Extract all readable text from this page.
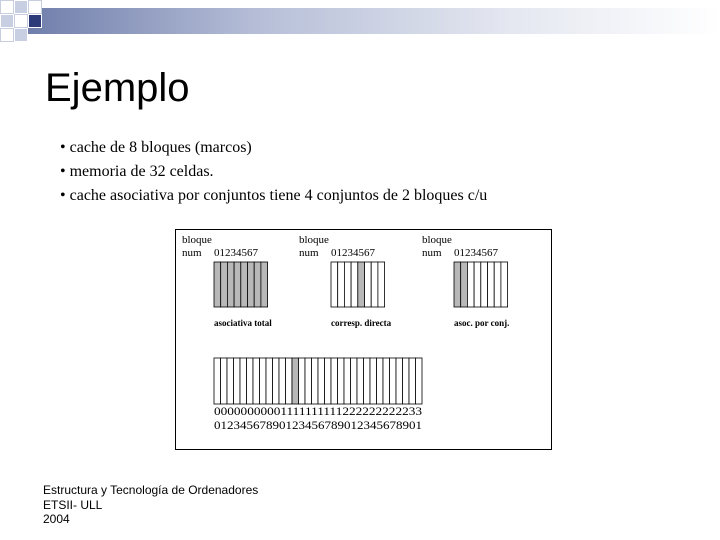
Ejemplo
• cache de 8 bloques (marcos)
• memoria de 32 celdas.
• cache asociativa por conjuntos tiene 4 conjuntos de 2 bloques c/u
bloque
num 01234567
asociativa total
bloque
num 01234567
corresp. directa
bloque
num 01234567
asoc. por conj.
00000000001111111111222222222233
01234567890123456789012345678901
Estructura y Tecnología de Ordenadores
ETSII- ULL
2004
